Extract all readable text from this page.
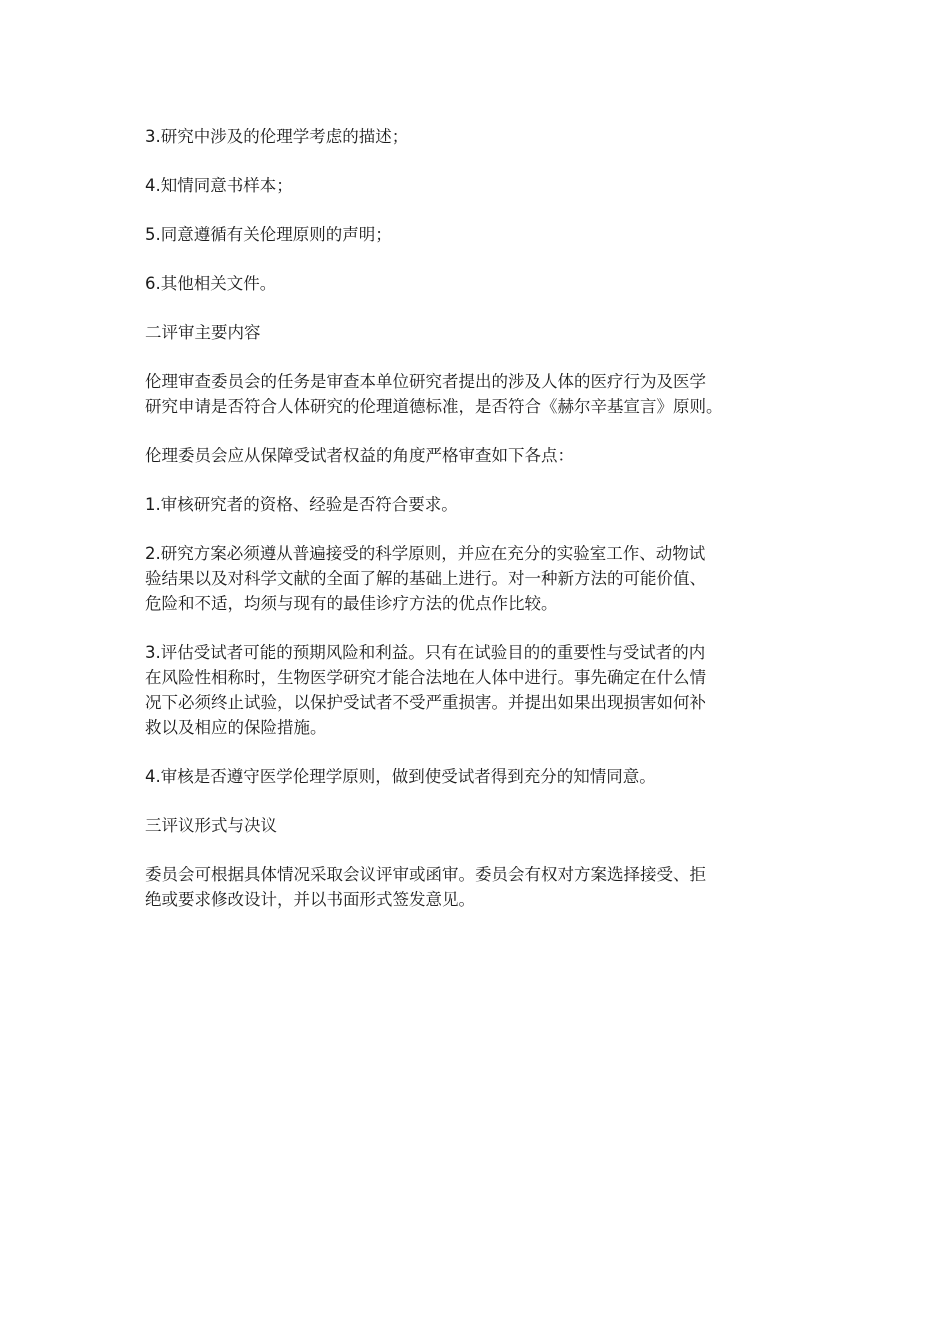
3.研究中涉及的伦理学考虑的描述；

4.知情同意书样本；

5.同意遵循有关伦理原则的声明；

6.其他相关文件。

二评审主要内容

伦理审查委员会的任务是审查本单位研究者提出的涉及人体的医疗行为及医学
研究申请是否符合人体研究的伦理道德标准，是否符合《赫尔辛基宣言》原则。

伦理委员会应从保障受试者权益的角度严格审查如下各点：

1.审核研究者的资格、经验是否符合要求。

2.研究方案必须遵从普遍接受的科学原则，并应在充分的实验室工作、动物试
验结果以及对科学文献的全面了解的基础上进行。对一种新方法的可能价值、
危险和不适，均须与现有的最佳诊疗方法的优点作比较。

3.评估受试者可能的预期风险和利益。只有在试验目的的重要性与受试者的内
在风险性相称时，生物医学研究才能合法地在人体中进行。事先确定在什么情
况下必须终止试验，以保护受试者不受严重损害。并提出如果出现损害如何补
救以及相应的保险措施。

4.审核是否遵守医学伦理学原则，做到使受试者得到充分的知情同意。

三评议形式与决议

委员会可根据具体情况采取会议评审或函审。委员会有权对方案选择接受、拒
绝或要求修改设计，并以书面形式签发意见。
